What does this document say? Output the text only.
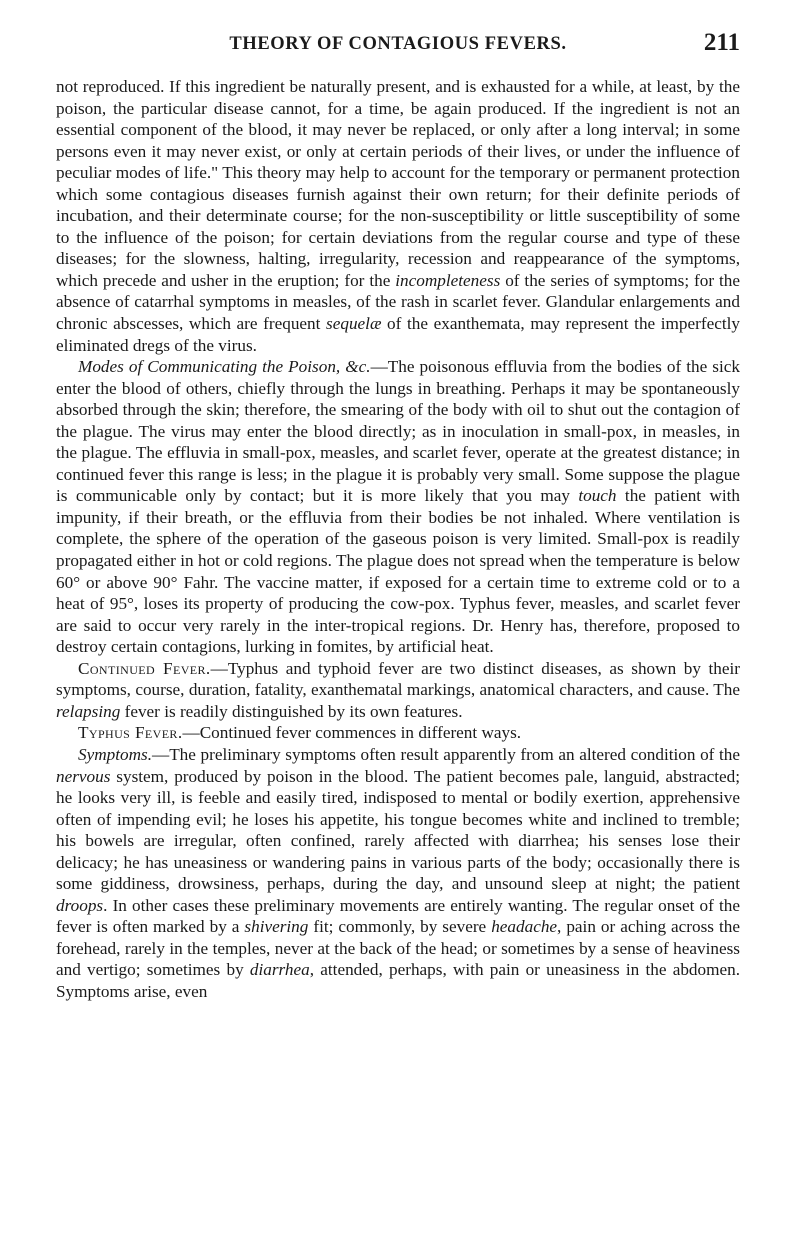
THEORY OF CONTAGIOUS FEVERS.	211

not reproduced. If this ingredient be naturally present, and is exhausted for a while, at least, by the poison, the particular disease cannot, for a time, be again produced. If the ingredient is not an essential component of the blood, it may never be replaced, or only after a long interval; in some persons even it may never exist, or only at certain periods of their lives, or under the influence of peculiar modes of life." This theory may help to account for the temporary or permanent protection which some contagious diseases furnish against their own return; for their definite periods of incubation, and their determinate course; for the non-susceptibility or little susceptibility of some to the influence of the poison; for certain deviations from the regular course and type of these diseases; for the slowness, halting, irregularity, recession and reappearance of the symptoms, which precede and usher in the eruption; for the incompleteness of the series of symptoms; for the absence of catarrhal symptoms in measles, of the rash in scarlet fever. Glandular enlargements and chronic abscesses, which are frequent sequelæ of the exanthemata, may represent the imperfectly eliminated dregs of the virus.

Modes of Communicating the Poison, &c.—The poisonous effluvia from the bodies of the sick enter the blood of others, chiefly through the lungs in breathing. Perhaps it may be spontaneously absorbed through the skin; therefore, the smearing of the body with oil to shut out the contagion of the plague. The virus may enter the blood directly; as in inoculation in small-pox, in measles, in the plague. The effluvia in small-pox, measles, and scarlet fever, operate at the greatest distance; in continued fever this range is less; in the plague it is probably very small. Some suppose the plague is communicable only by contact; but it is more likely that you may touch the patient with impunity, if their breath, or the effluvia from their bodies be not inhaled. Where ventilation is complete, the sphere of the operation of the gaseous poison is very limited. Small-pox is readily propagated either in hot or cold regions. The plague does not spread when the temperature is below 60° or above 90° Fahr. The vaccine matter, if exposed for a certain time to extreme cold or to a heat of 95°, loses its property of producing the cow-pox. Typhus fever, measles, and scarlet fever are said to occur very rarely in the inter-tropical regions. Dr. Henry has, therefore, proposed to destroy certain contagions, lurking in fomites, by artificial heat.

Continued Fever.—Typhus and typhoid fever are two distinct diseases, as shown by their symptoms, course, duration, fatality, exanthematal markings, anatomical characters, and cause. The relapsing fever is readily distinguished by its own features.

Typhus Fever.—Continued fever commences in different ways.

Symptoms.—The preliminary symptoms often result apparently from an altered condition of the nervous system, produced by poison in the blood. The patient becomes pale, languid, abstracted; he looks very ill, is feeble and easily tired, indisposed to mental or bodily exertion, apprehensive often of impending evil; he loses his appetite, his tongue becomes white and inclined to tremble; his bowels are irregular, often confined, rarely affected with diarrhea; his senses lose their delicacy; he has uneasiness or wandering pains in various parts of the body; occasionally there is some giddiness, drowsiness, perhaps, during the day, and unsound sleep at night; the patient droops. In other cases these preliminary movements are entirely wanting. The regular onset of the fever is often marked by a shivering fit; commonly, by severe headache, pain or aching across the forehead, rarely in the temples, never at the back of the head; or sometimes by a sense of heaviness and vertigo; sometimes by diarrhea, attended, perhaps, with pain or uneasiness in the abdomen. Symptoms arise, even
